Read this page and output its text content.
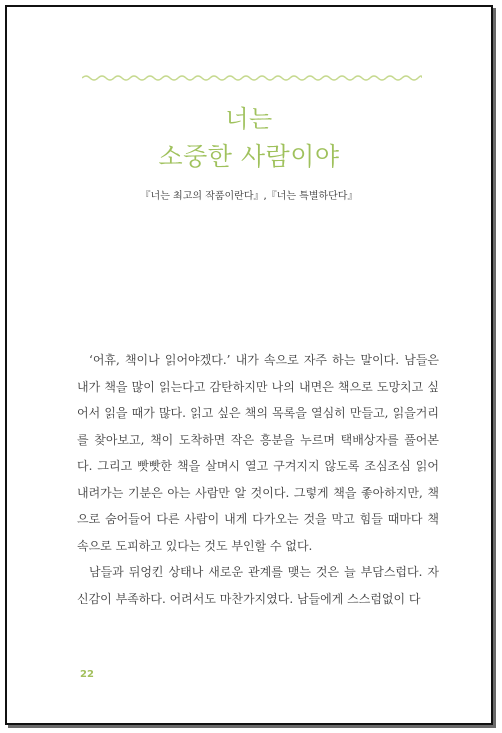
너는
소중한 사람이야
『너는 최고의 작품이란다』,『너는 특별하단다』

‘어휴, 책이나 읽어야겠다.’ 내가 속으로 자주 하는 말이다. 남들은 내가 책을 많이 읽는다고 감탄하지만 나의 내면은 책으로 도망치고 싶어서 읽을 때가 많다. 읽고 싶은 책의 목록을 열심히 만들고, 읽을거리를 찾아보고, 책이 도착하면 작은 흥분을 누르며 택배상자를 풀어본다. 그리고 빳빳한 책을 살며시 열고 구겨지지 않도록 조심조심 읽어 내려가는 기분은 아는 사람만 알 것이다. 그렇게 책을 좋아하지만, 책으로 숨어들어 다른 사람이 내게 다가오는 것을 막고 힘들 때마다 책 속으로 도피하고 있다는 것도 부인할 수 없다.

남들과 뒤엉킨 상태나 새로운 관계를 맺는 것은 늘 부담스럽다. 자신감이 부족하다. 어려서도 마찬가지였다. 남들에게 스스럼없이 다

22
